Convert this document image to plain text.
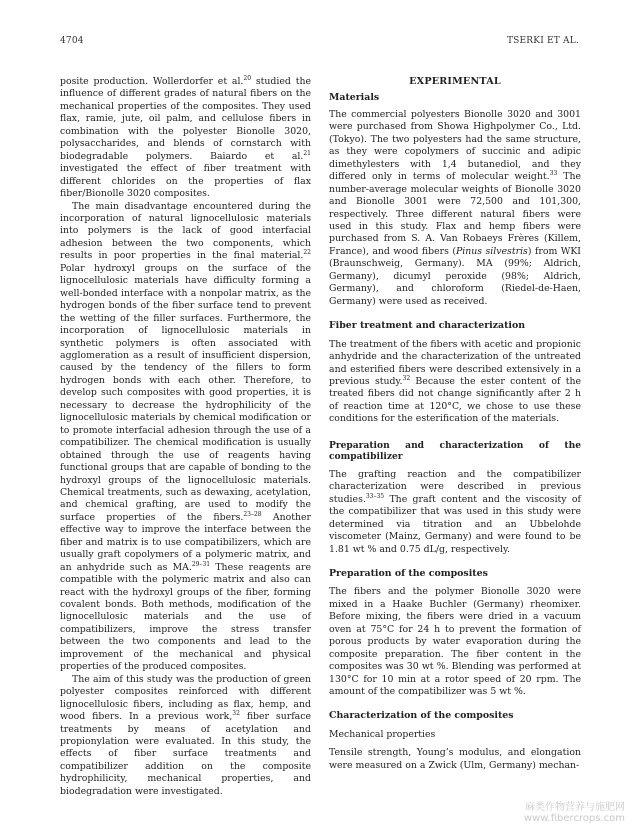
4704	TSERKI ET AL.

posite production. Wollerdorfer et al.$^{20}$ studied the influence of different grades of natural fibers on the mechanical properties of the composites. They used flax, ramie, jute, oil palm, and cellulose fibers in combination with the polyester Bionolle 3020, polysaccharides, and blends of cornstarch with biodegradable polymers. Baiardo et al.$^{21}$ investigated the effect of fiber treatment with different chlorides on the properties of flax fiber/Bionolle 3020 composites.

The main disadvantage encountered during the incorporation of natural lignocellulosic materials into polymers is the lack of good interfacial adhesion between the two components, which results in poor properties in the final material.$^{22}$ Polar hydroxyl groups on the surface of the lignocellulosic materials have difficulty forming a well-bonded interface with a nonpolar matrix, as the hydrogen bonds of the fiber surface tend to prevent the wetting of the filler surfaces. Furthermore, the incorporation of lignocellulosic materials in synthetic polymers is often associated with agglomeration as a result of insufficient dispersion, caused by the tendency of the fillers to form hydrogen bonds with each other. Therefore, to develop such composites with good properties, it is necessary to decrease the hydrophilicity of the lignocellulosic materials by chemical modification or to promote interfacial adhesion through the use of a compatibilizer. The chemical modification is usually obtained through the use of reagents having functional groups that are capable of bonding to the hydroxyl groups of the lignocellulosic materials. Chemical treatments, such as dewaxing, acetylation, and chemical grafting, are used to modify the surface properties of the fibers.$^{23-28}$ Another effective way to improve the interface between the fiber and matrix is to use compatibilizers, which are usually graft copolymers of a polymeric matrix, and an anhydride such as MA.$^{29-31}$ These reagents are compatible with the polymeric matrix and also can react with the hydroxyl groups of the fiber, forming covalent bonds. Both methods, modification of the lignocellulosic materials and the use of compatibilizers, improve the stress transfer between the two components and lead to the improvement of the mechanical and physical properties of the produced composites.

The aim of this study was the production of green polyester composites reinforced with different lignocellulosic fibers, including as flax, hemp, and wood fibers. In a previous work,$^{32}$ fiber surface treatments by means of acetylation and propionylation were evaluated. In this study, the effects of fiber surface treatments and compatibilizer addition on the composite hydrophilicity, mechanical properties, and biodegradation were investigated.

EXPERIMENTAL
Materials

The commercial polyesters Bionolle 3020 and 3001 were purchased from Showa Highpolymer Co., Ltd. (Tokyo). The two polyesters had the same structure, as they were copolymers of succinic and adipic dimethylesters with 1,4 butanediol, and they differed only in terms of molecular weight.$^{33}$ The number-average molecular weights of Bionolle 3020 and Bionolle 3001 were 72,500 and 101,300, respectively. Three different natural fibers were used in this study. Flax and hemp fibers were purchased from S. A. Van Robaeys Frères (Killem, France), and wood fibers (Pinus silvestris) from WKI (Braunschweig, Germany). MA (99%; Aldrich, Germany), dicumyl peroxide (98%; Aldrich, Germany), and chloroform (Riedel-de-Haen, Germany) were used as received.

Fiber treatment and characterization

The treatment of the fibers with acetic and propionic anhydride and the characterization of the untreated and esterified fibers were described extensively in a previous study.$^{32}$ Because the ester content of the treated fibers did not change significantly after 2 h of reaction time at 120°C, we chose to use these conditions for the esterification of the materials.

Preparation and characterization of the compatibilizer

The grafting reaction and the compatibilizer characterization were described in previous studies.$^{33-35}$ The graft content and the viscosity of the compatibilizer that was used in this study were determined via titration and an Ubbelohde viscometer (Mainz, Germany) and were found to be 1.81 wt % and 0.75 dL/g, respectively.

Preparation of the composites

The fibers and the polymer Bionolle 3020 were mixed in a Haake Buchler (Germany) rheomixer. Before mixing, the fibers were dried in a vacuum oven at 75°C for 24 h to prevent the formation of porous products by water evaporation during the composite preparation. The fiber content in the composites was 30 wt %. Blending was performed at 130°C for 10 min at a rotor speed of 20 rpm. The amount of the compatibilizer was 5 wt %.

Characterization of the composites
Mechanical properties

Tensile strength, Young’s modulus, and elongation were measured on a Zwick (Ulm, Germany) mechan-

麻类作物营养与施肥网
www.fibercrops.com
